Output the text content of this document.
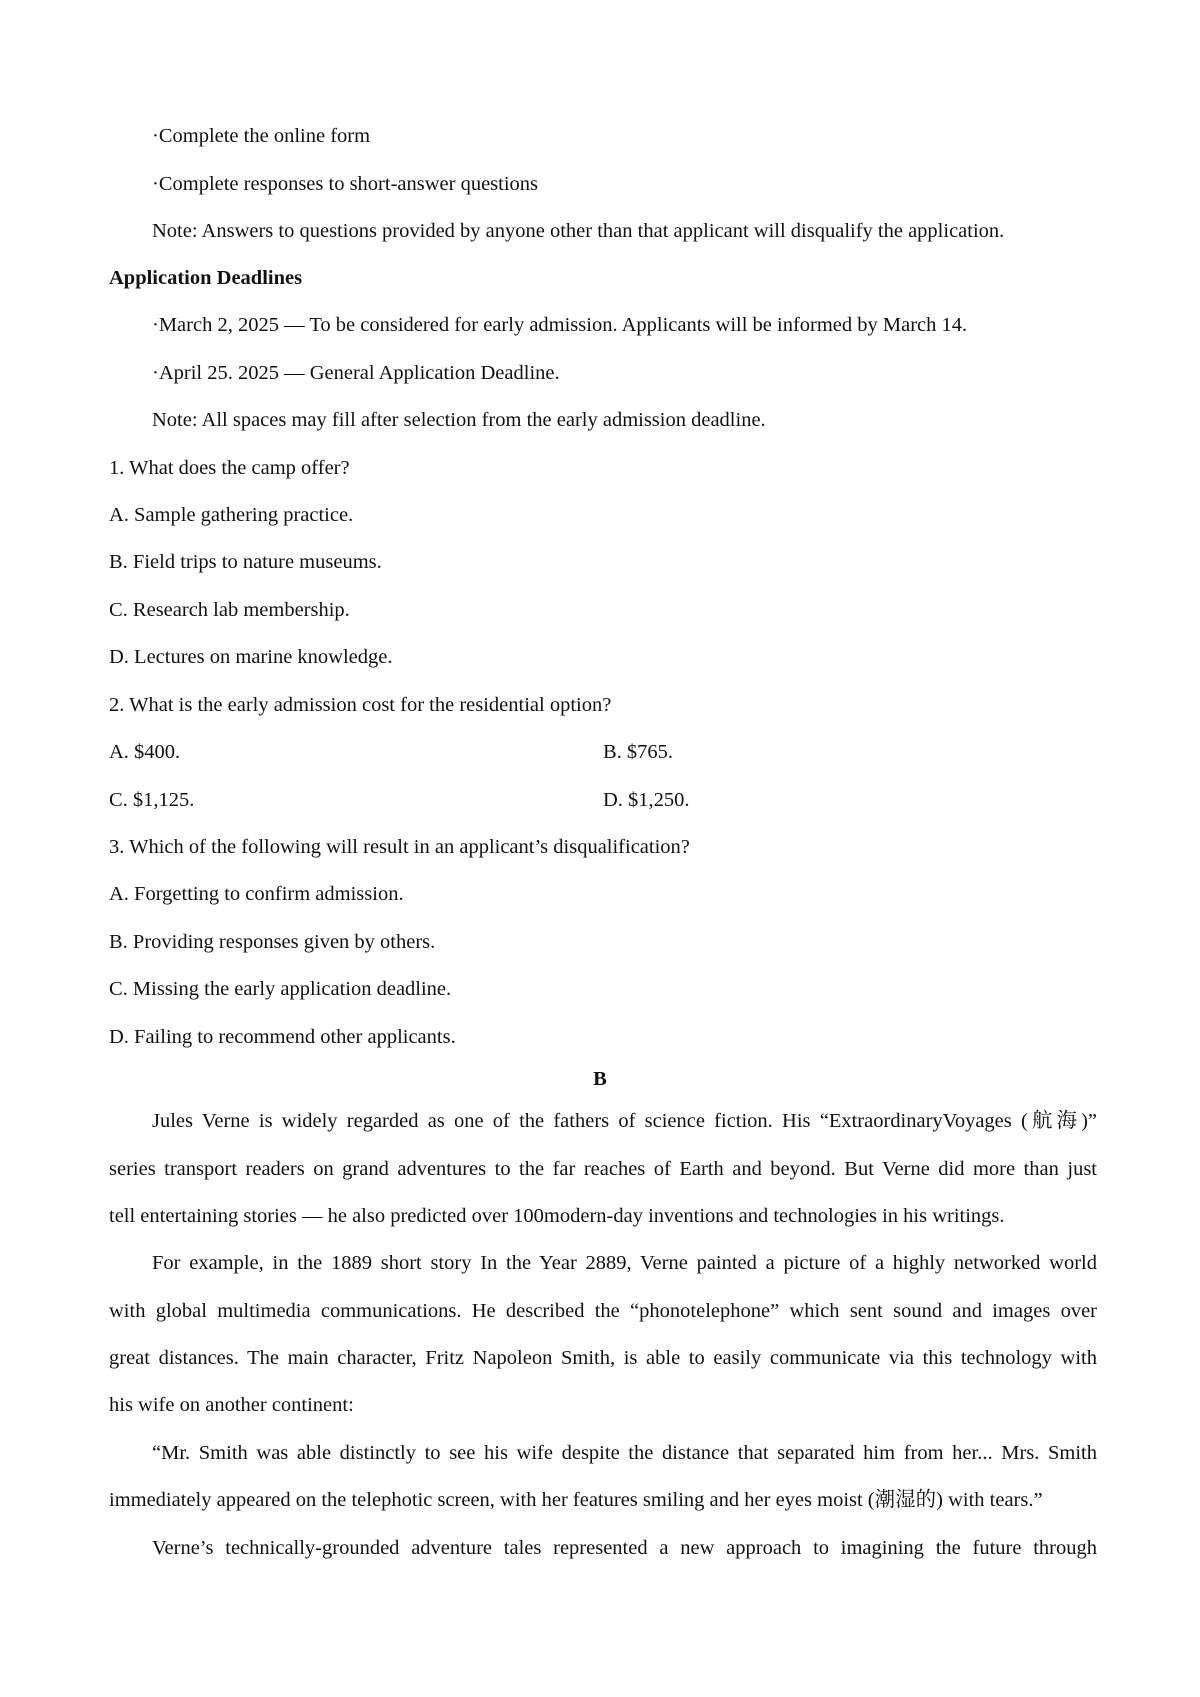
·Complete the online form
·Complete responses to short-answer questions
Note: Answers to questions provided by anyone other than that applicant will disqualify the application.
Application Deadlines
·March 2, 2025 — To be considered for early admission. Applicants will be informed by March 14.
·April 25. 2025 — General Application Deadline.
Note: All spaces may fill after selection from the early admission deadline.
1. What does the camp offer?
A. Sample gathering practice.
B. Field trips to nature museums.
C. Research lab membership.
D. Lectures on marine knowledge.
2. What is the early admission cost for the residential option?
A. $400.	B. $765.
C. $1,125.	D. $1,250.
3. Which of the following will result in an applicant’s disqualification?
A. Forgetting to confirm admission.
B. Providing responses given by others.
C. Missing the early application deadline.
D. Failing to recommend other applicants.
B
Jules Verne is widely regarded as one of the fathers of science fiction. His “ExtraordinaryVoyages (航海)”
series transport readers on grand adventures to the far reaches of Earth and beyond. But Verne did more than just
tell entertaining stories — he also predicted over 100modern-day inventions and technologies in his writings.
For example, in the 1889 short story In the Year 2889, Verne painted a picture of a highly networked world
with global multimedia communications. He described the “phonotelephone” which sent sound and images over
great distances. The main character, Fritz Napoleon Smith, is able to easily communicate via this technology with
his wife on another continent:
“Mr. Smith was able distinctly to see his wife despite the distance that separated him from her... Mrs. Smith
immediately appeared on the telephotic screen, with her features smiling and her eyes moist (潮湿的) with tears.”
Verne’s technically-grounded adventure tales represented a new approach to imagining the future through
